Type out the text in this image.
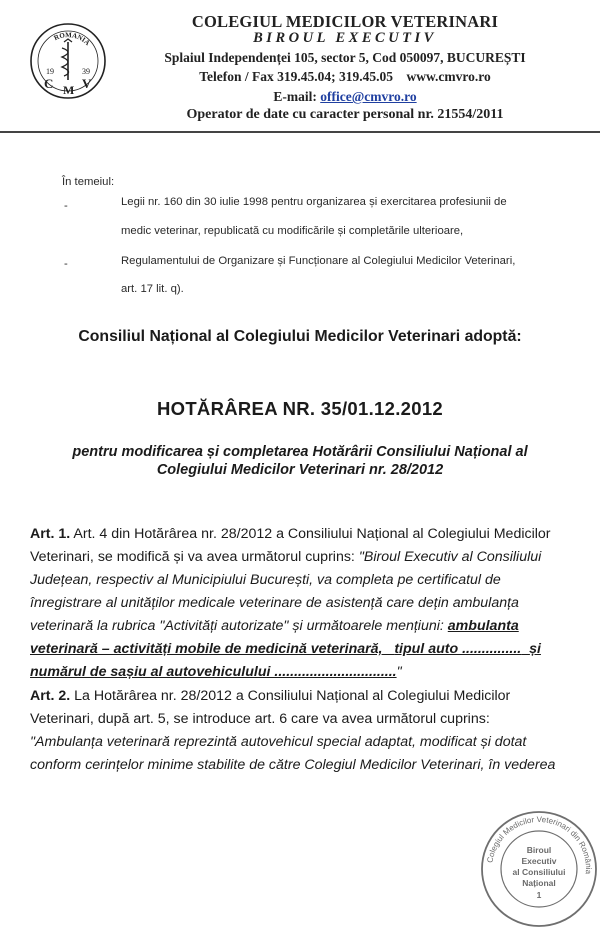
ROMANIA
19	39
C M V
COLEGIUL MEDICILOR VETERINARI
BIROUL EXECUTIV
Splaiul Independenței 105, sector 5, Cod 050097, BUCUREȘTI
Telefon / Fax 319.45.04; 319.45.05 www.cmvro.ro
E-mail: office@cmvro.ro
Operator de date cu caracter personal nr. 21554/2011
În temeiul:
-	Legii nr. 160 din 30 iulie 1998 pentru organizarea și exercitarea profesiunii de
medic veterinar, republicată cu modificările și completările ulterioare,
-	Regulamentului de Organizare și Funcționare al Colegiului Medicilor Veterinari,
art. 17 lit. q).
Consiliul Național al Colegiului Medicilor Veterinari adoptă:
HOTĂRÂREA NR. 35/01.12.2012
pentru modificarea și completarea Hotărârii Consiliului Național al
Colegiului Medicilor Veterinari nr. 28/2012
Art. 1. Art. 4 din Hotărârea nr. 28/2012 a Consiliului Național al Colegiului Medicilor
Veterinari, se modifică și va avea următorul cuprins: "Biroul Executiv al Consiliului
Județean, respectiv al Municipiului București, va completa pe certificatul de
înregistrare al unităților medicale veterinare de asistență care dețin ambulanța
veterinară la rubrica "Activități autorizate" și următoarele mențiuni: ambulanta
veterinară – activități mobile de medicină veterinară, tipul auto ............... și
numărul de sașiu al autovehiculului ..............................."
Art. 2. La Hotărârea nr. 28/2012 a Consiliului Național al Colegiului Medicilor
Veterinari, după art. 5, se introduce art. 6 care va avea următorul cuprins:
"Ambulanța veterinară reprezintă autovehicul special adaptat, modificat și dotat
conform cerințelor minime stabilite de către Colegiul Medicilor Veterinari, în vederea
Colegiul Medicilor Veterinari din România
Biroul
Executiv
al Consiliului
Național
1
